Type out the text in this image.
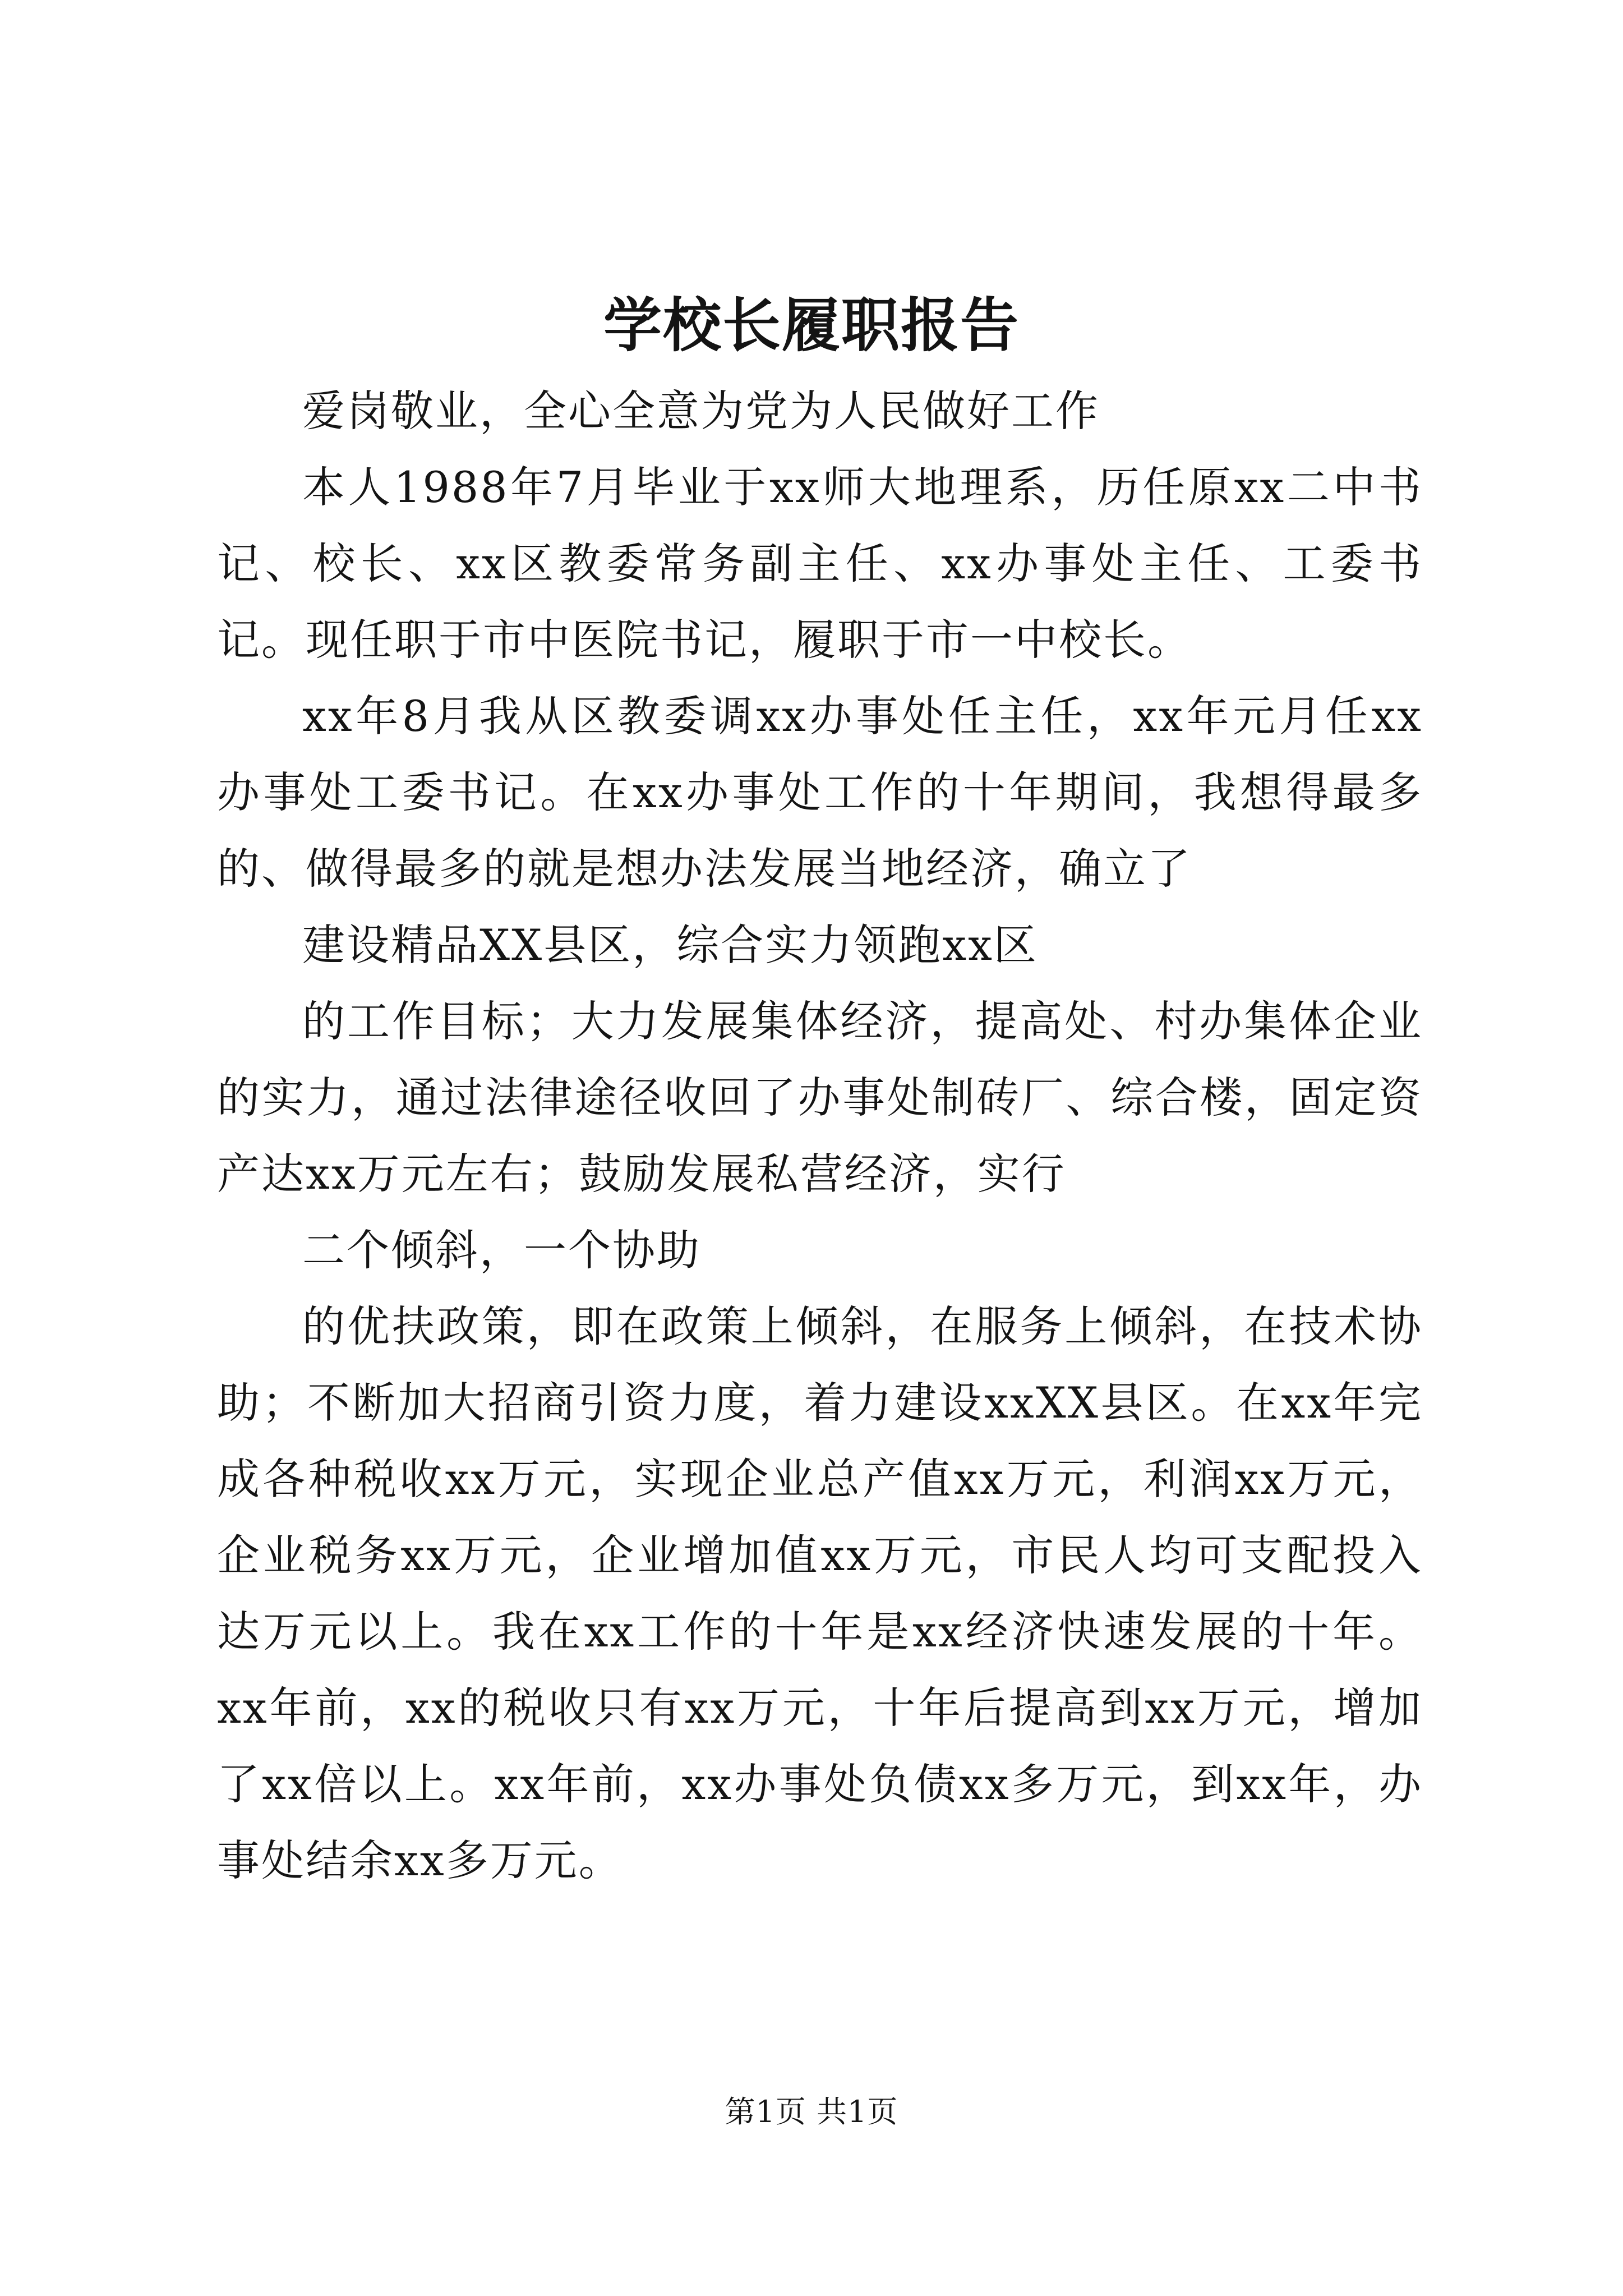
学校长履职报告

爱岗敬业，全心全意为党为人民做好工作

本人1988年7月毕业于xx师大地理系，历任原xx二中书记、校长、xx区教委常务副主任、xx办事处主任、工委书记。现任职于市中医院书记，履职于市一中校长。

xx年8月我从区教委调xx办事处任主任，xx年元月任xx办事处工委书记。在xx办事处工作的十年期间，我想得最多的、做得最多的就是想办法发展当地经济，确立了

建设精品XX县区，综合实力领跑xx区

的工作目标；大力发展集体经济，提高处、村办集体企业的实力，通过法律途径收回了办事处制砖厂、综合楼，固定资产达xx万元左右；鼓励发展私营经济，实行

二个倾斜，一个协助

的优扶政策，即在政策上倾斜，在服务上倾斜，在技术协助；不断加大招商引资力度，着力建设xxXX县区。在xx年完成各种税收xx万元，实现企业总产值xx万元，利润xx万元，企业税务xx万元，企业增加值xx万元，市民人均可支配投入达万元以上。我在xx工作的十年是xx经济快速发展的十年。xx年前，xx的税收只有xx万元，十年后提高到xx万元，增加了xx倍以上。xx年前，xx办事处负债xx多万元，到xx年，办事处结余xx多万元。

第1页 共1页
